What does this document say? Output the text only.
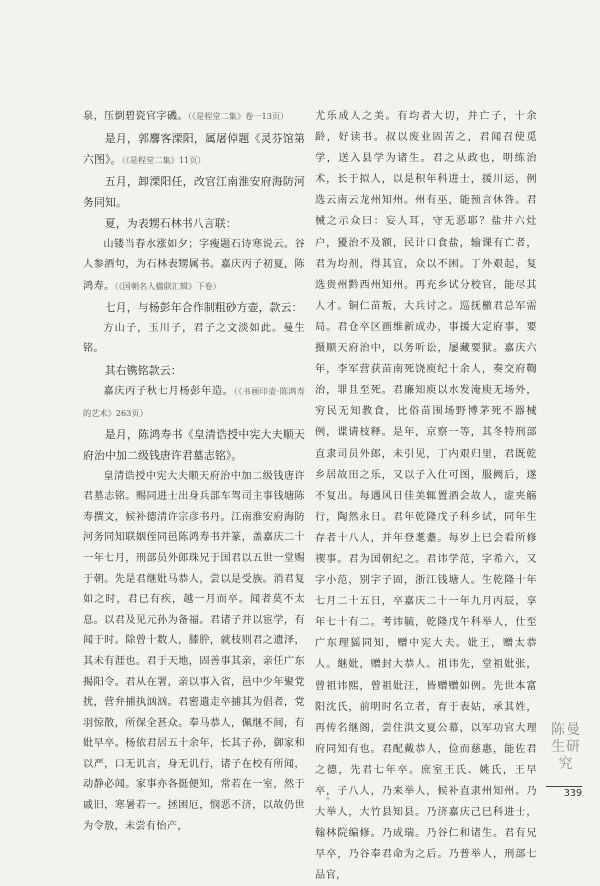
泉，压倒碧瓷官字磯。（《是程堂二集》卷一13页）

是月，郭麐客溧阳，属屠倬题《灵芬馆第六图》。（《是程堂二集》11页）

五月，卸溧阳任，改官江南淮安府海防河务同知。

夏，为表甥石林书八言联：

山镂当春水涨如夕；字瘦题石诗寒说云。谷人参酒句，为石林表甥属书。嘉庆丙子初夏，陈鸿寿。（《国朝名人楹联汇辑》下卷）

七月，与杨彭年合作制粗砂方壶，款云：

方山子，玉川子，君子之文淡如此。曼生铭。

其右镌铭款云：

嘉庆丙子秋七月杨彭年造。（《书画印壶·陈鸿寿的艺术》263页）

是月，陈鸿寿书《皇清诰授中宪大夫顺天府治中加二级钱唐许君墓志铭》。

皇清诰授中宪大夫顺天府治中加二级钱唐许君墓志铭。赐同进士出身兵部车驾司主事钱塘陈寿撰文，候补德清许宗彦书丹。江南淮安府海防河务同知联姻侄同邑陈鸿寿书并篆，盖嘉庆二十一年七月，刑部员外郎珠兄于国君以五世一堂赐于朝。先是君继妣马恭人，尝以是受族。消君复如之时，君已有疾，越一月而卒。闻者莫不太息。以君及见元孙为备福。君诸子并以宦学，有闻于时。除曾十数人，膝肸，就枝则君之遗泽，其未有涯也。君于天地，固善事其亲，亲任广东揭阳令。君从在署，亲以事入省，邑中少年聚党扰，营弁捕执汹汹。君密遣走卒捕其为倡者，党羽惊散，所保全甚众。奉马恭人，佩继不间，有妣早卒。杨依君居五十余年，长其子孙，御家和以严，口无讥言，身无讥行，诸子在校有所闻，动静必闻。家事亦各挺便知，常若在一室，然于戚旧，寒暑若一。拯困厄，悯恶不济，以故仍世为令敖，未尝有怡产，

尤乐成人之美。有均者大切，并亡子，十余龄，好读书。叔以废业固苦之，君闻召使觅学，送入县学为诸生。君之从政也，明练治术，长于拟人，以是积年科进士，援川运，例选云南云龙州知州。州有巫，能预言休咎。君械之示众曰：妄人耳，守无恶耶？盐井六灶户，獶治不及额，民计口食盐，输课有亡者，君为均剂，得其宜，众以不困。丁外艰起，复选贵州黔西州知州。再充乡试分校官，能尽其人才。铜仁苗叛，大兵讨之。巡抚檄君总军需局。君仓卒区画维新成办，事援大定府事，要摄顺天府治中，以务听讼，屡藏要狱。嘉庆六年，李军营获苗南死饶庾纪十余人，奏交府鞫治，罪且至死。君廉知庾以水发淹庾无场外，穷民无知教食，比俗苗围场野博茅死不器械例，谍请枝释。是年，京察一等，其冬特刑部直隶司员外郎，未引见，丁内艰归里，君既乾乡居故田之乐，又以子入仕可图，服阙后，遂不复出。每遇风日佳美辄置酒会故人，虚夹觞行，陶然永日。君年乾隆戊子科乡试，同年生存者十八人，并年登耄耋。每岁上巳会看所修禊事。君为国朝纪之。君讳学范，字希六，又字小范，别字子固，浙江钱塘人。生乾隆十年七月二十五日，卒嘉庆二十一年九月丙辰，享年七十有二。考讳毓，乾隆戊午科举人，仕至广东理猺同知，赠中宪大夫。妣王，赠太恭人。継妣，赠封大恭人。祖讳先，堂祖妣张，曾祖讳熙，曾祖妣汪，皆赠赠如例。先世本富阳沈氏，前明时名立者，育于表姑，承其姓，再传名继阁，尝住洪文夏公幕，以军功官大理府同知有也。君配戴恭人，俭而慈惠，能佐君之德，先君七年卒。庶室王氏、姚氏，王早卒，子八人，乃来举人，候补直隶州知州。乃大举人，大竹县知县。乃济嘉庆己巳科进士，翰林院编修。乃成瑞。乃谷仁和诸生。君有兄早卒，乃谷奉君命为之后。乃普举人，刑部七品官，

陈曼生研究
339
